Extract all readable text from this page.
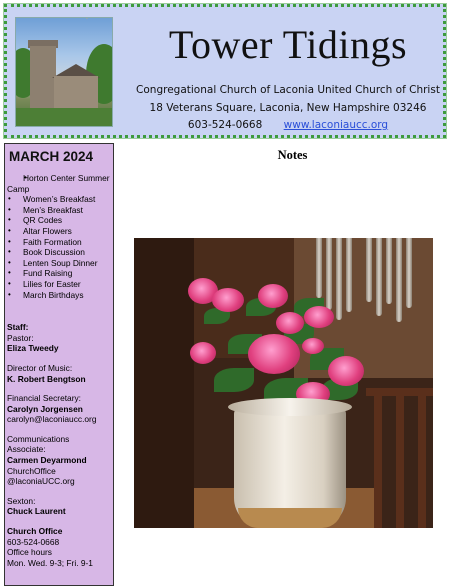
Tower Tidings
Congregational Church of Laconia United Church of Christ
18 Veterans Square, Laconia, New Hampshire 03246
603-524-0668 www.laconiaucc.org
MARCH 2024
• Horton Center Summer Camp
• Women’s Breakfast
• Men’s Breakfast
• QR Codes
• Altar Flowers
• Faith Formation
• Book Discussion
• Lenten Soup Dinner
• Fund Raising
• Lilies for Easter
• March Birthdays

Staff:

Pastor:

Eliza Tweedy

Director of Music:

K. Robert Bengtson

Financial Secretary:

Carolyn Jorgensen

carolyn@laconiaucc.org

Communications

Associate:

Carmen Deyarmond

ChurchOffice

@laconiaUCC.org

Sexton:

Chuck Laurent

Church Office

603-524-0668

Office hours

Mon. Wed. 9-3; Fri. 9-1

Notes
